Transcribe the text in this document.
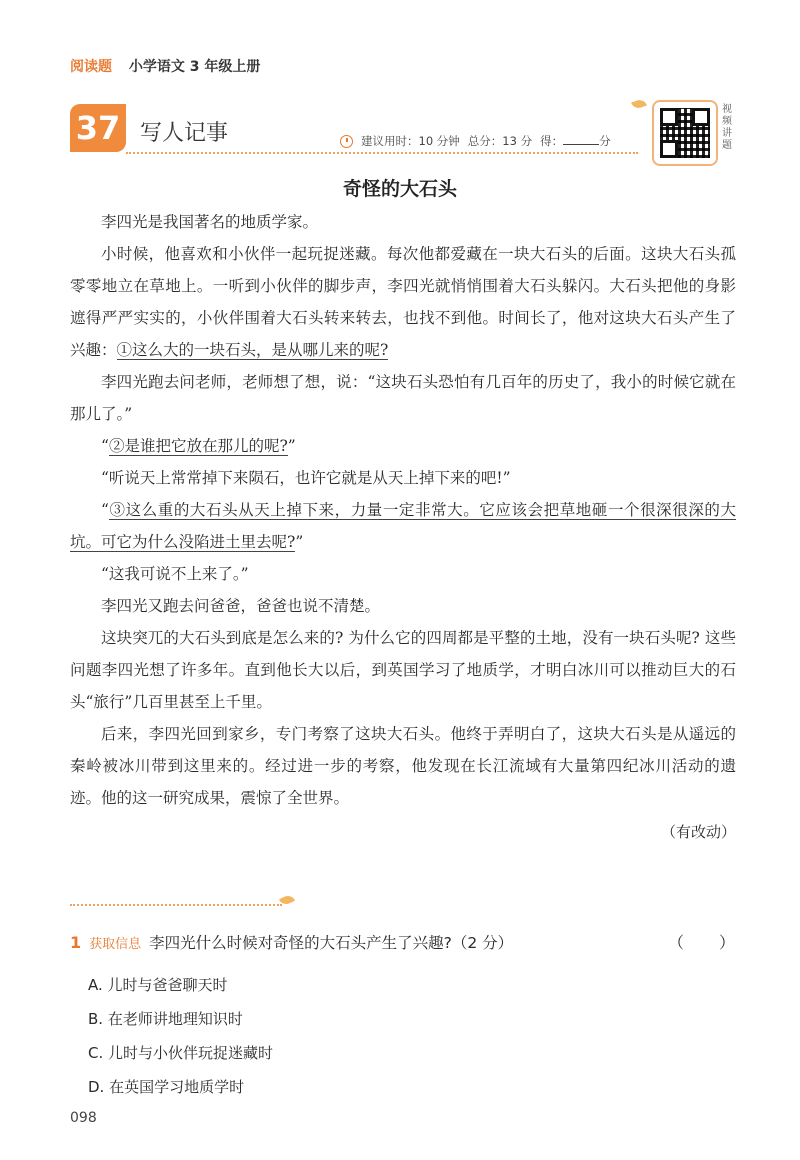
阅读题 小学语文 3 年级上册
37 写人记事	建议用时：10 分钟 总分：13 分 得：	分
视频讲题
奇怪的大石头

李四光是我国著名的地质学家。

小时候，他喜欢和小伙伴一起玩捉迷藏。每次他都爱藏在一块大石头的后面。这块大石头孤零零地立在草地上。一听到小伙伴的脚步声，李四光就悄悄围着大石头躲闪。大石头把他的身影遮得严严实实的，小伙伴围着大石头转来转去，也找不到他。时间长了，他对这块大石头产生了兴趣：①这么大的一块石头，是从哪儿来的呢?

李四光跑去问老师，老师想了想，说：“这块石头恐怕有几百年的历史了，我小的时候它就在那儿了。”

“②是谁把它放在那儿的呢?”

“听说天上常常掉下来陨石，也许它就是从天上掉下来的吧!”

“③这么重的大石头从天上掉下来，力量一定非常大。它应该会把草地砸一个很深很深的大坑。可它为什么没陷进土里去呢?”

“这我可说不上来了。”

李四光又跑去问爸爸，爸爸也说不清楚。

这块突兀的大石头到底是怎么来的? 为什么它的四周都是平整的土地，没有一块石头呢? 这些问题李四光想了许多年。直到他长大以后，到英国学习了地质学，才明白冰川可以推动巨大的石头“旅行”几百里甚至上千里。

后来，李四光回到家乡，专门考察了这块大石头。他终于弄明白了，这块大石头是从遥远的秦岭被冰川带到这里来的。经过进一步的考察，他发现在长江流域有大量第四纪冰川活动的遗迹。他的这一研究成果，震惊了全世界。

（有改动）
1 获取信息 李四光什么时候对奇怪的大石头产生了兴趣?（2 分）	（　　）
A. 儿时与爸爸聊天时
B. 在老师讲地理知识时
C. 儿时与小伙伴玩捉迷藏时
D. 在英国学习地质学时
098
